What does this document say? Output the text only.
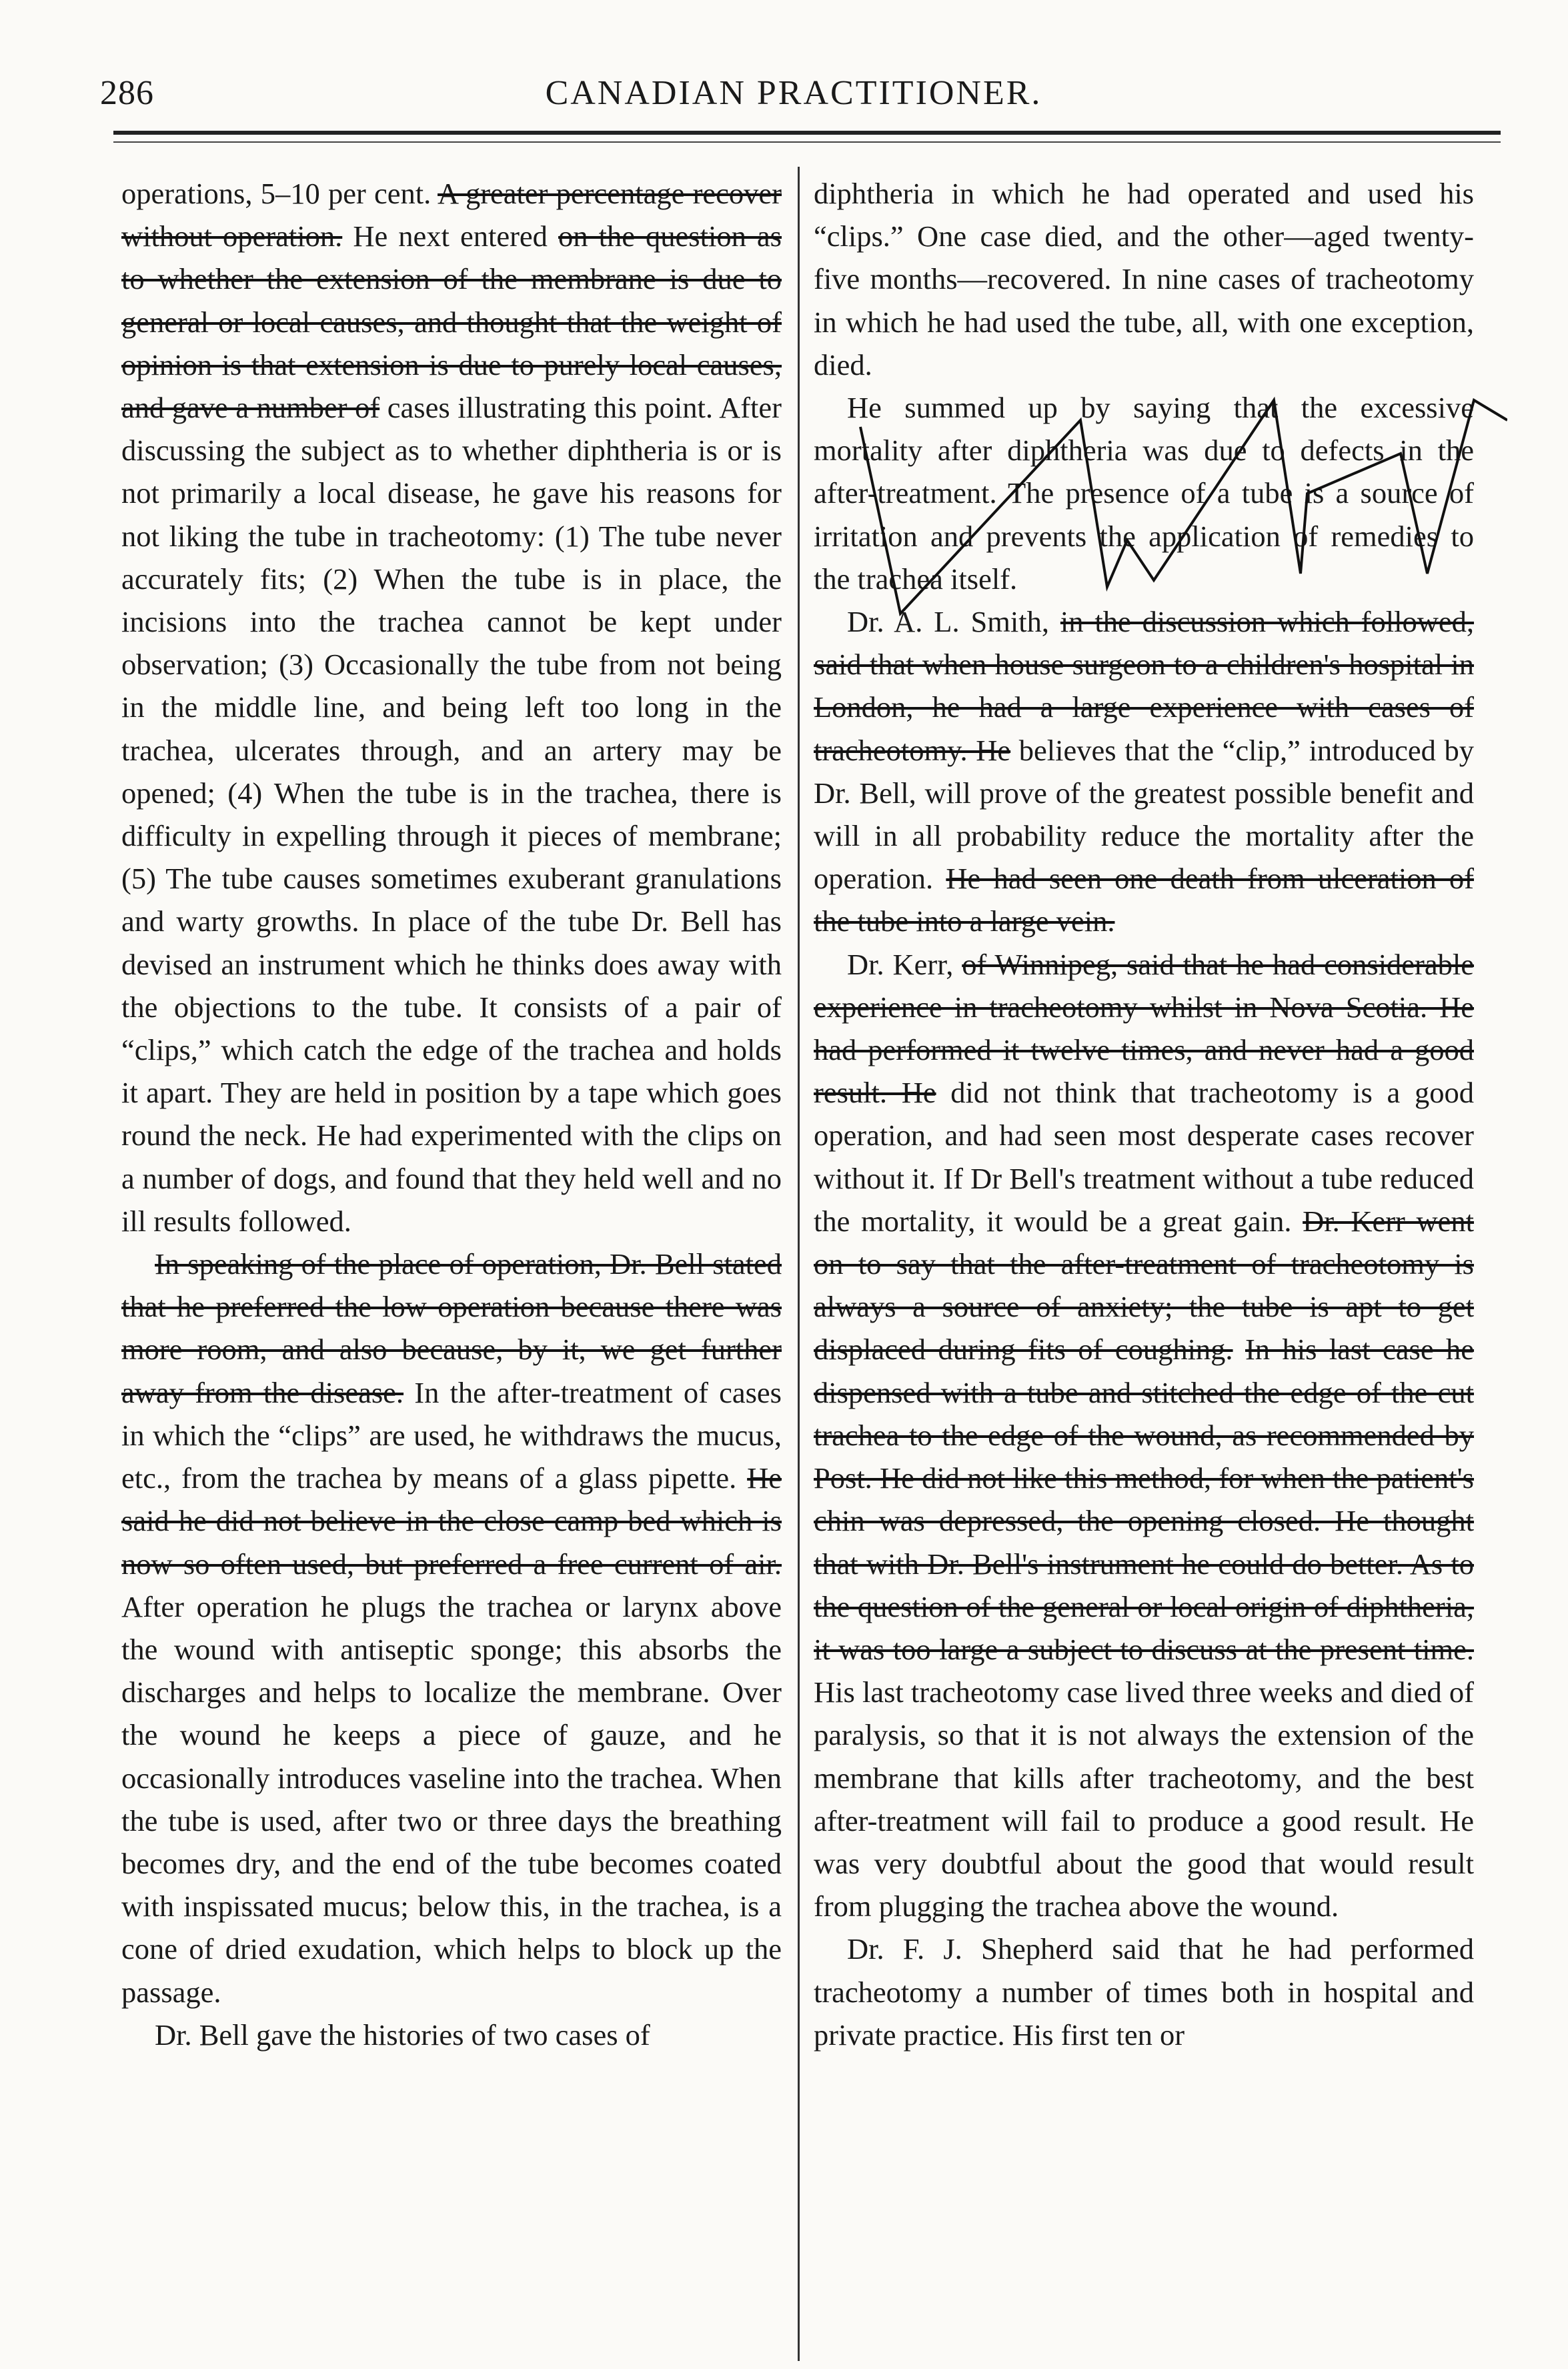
286	CANADIAN PRACTITIONER.

operations, 5–10 per cent. A greater percentage recover without operation. He next entered on the question as to whether the extension of the membrane is due to general or local causes, and thought that the weight of opinion is that extension is due to purely local causes, and gave a number of cases illustrating this point. After discussing the subject as to whether diphtheria is or is not primarily a local disease, he gave his reasons for not liking the tube in tracheotomy: (1) The tube never accurately fits; (2) When the tube is in place, the incisions into the trachea cannot be kept under observation; (3) Occasionally the tube from not being in the middle line, and being left too long in the trachea, ulcerates through, and an artery may be opened; (4) When the tube is in the trachea, there is difficulty in expelling through it pieces of membrane; (5) The tube causes sometimes exuberant granulations and warty growths. In place of the tube Dr. Bell has devised an instrument which he thinks does away with the objections to the tube. It consists of a pair of “clips,” which catch the edge of the trachea and holds it apart. They are held in position by a tape which goes round the neck. He had experimented with the clips on a number of dogs, and found that they held well and no ill results followed.

In speaking of the place of operation, Dr. Bell stated that he preferred the low operation because there was more room, and also because, by it, we get further away from the disease. In the after-treatment of cases in which the “clips” are used, he withdraws the mucus, etc., from the trachea by means of a glass pipette. He said he did not believe in the close camp bed which is now so often used, but preferred a free current of air. After operation he plugs the trachea or larynx above the wound with antiseptic sponge; this absorbs the discharges and helps to localize the membrane. Over the wound he keeps a piece of gauze, and he occasionally introduces vaseline into the trachea. When the tube is used, after two or three days the breathing becomes dry, and the end of the tube becomes coated with inspissated mucus; below this, in the trachea, is a cone of dried exudation, which helps to block up the passage.

Dr. Bell gave the histories of two cases of

diphtheria in which he had operated and used his “clips.” One case died, and the other—aged twenty-five months—recovered. In nine cases of tracheotomy in which he had used the tube, all, with one exception, died.

He summed up by saying that the excessive mortality after diphtheria was due to defects in the after-treatment. The presence of a tube is a source of irritation and prevents the application of remedies to the trachea itself.

Dr. A. L. Smith, in the discussion which followed, said that when house surgeon to a children's hospital in London, he had a large experience with cases of tracheotomy. He believes that the “clip,” introduced by Dr. Bell, will prove of the greatest possible benefit and will in all probability reduce the mortality after the operation. He had seen one death from ulceration of the tube into a large vein.

Dr. Kerr, of Winnipeg, said that he had considerable experience in tracheotomy whilst in Nova Scotia. He had performed it twelve times, and never had a good result. He did not think that tracheotomy is a good operation, and had seen most desperate cases recover without it. If Dr Bell's treatment without a tube reduced the mortality, it would be a great gain. Dr. Kerr went on to say that the after-treatment of tracheotomy is always a source of anxiety; the tube is apt to get displaced during fits of coughing. In his last case he dispensed with a tube and stitched the edge of the cut trachea to the edge of the wound, as recommended by Post. He did not like this method, for when the patient's chin was depressed, the opening closed. He thought that with Dr. Bell's instrument he could do better. As to the question of the general or local origin of diphtheria, it was too large a subject to discuss at the present time. His last tracheotomy case lived three weeks and died of paralysis, so that it is not always the extension of the membrane that kills after tracheotomy, and the best after-treatment will fail to produce a good result. He was very doubtful about the good that would result from plugging the trachea above the wound.

Dr. F. J. Shepherd said that he had performed tracheotomy a number of times both in hospital and private practice. His first ten or
